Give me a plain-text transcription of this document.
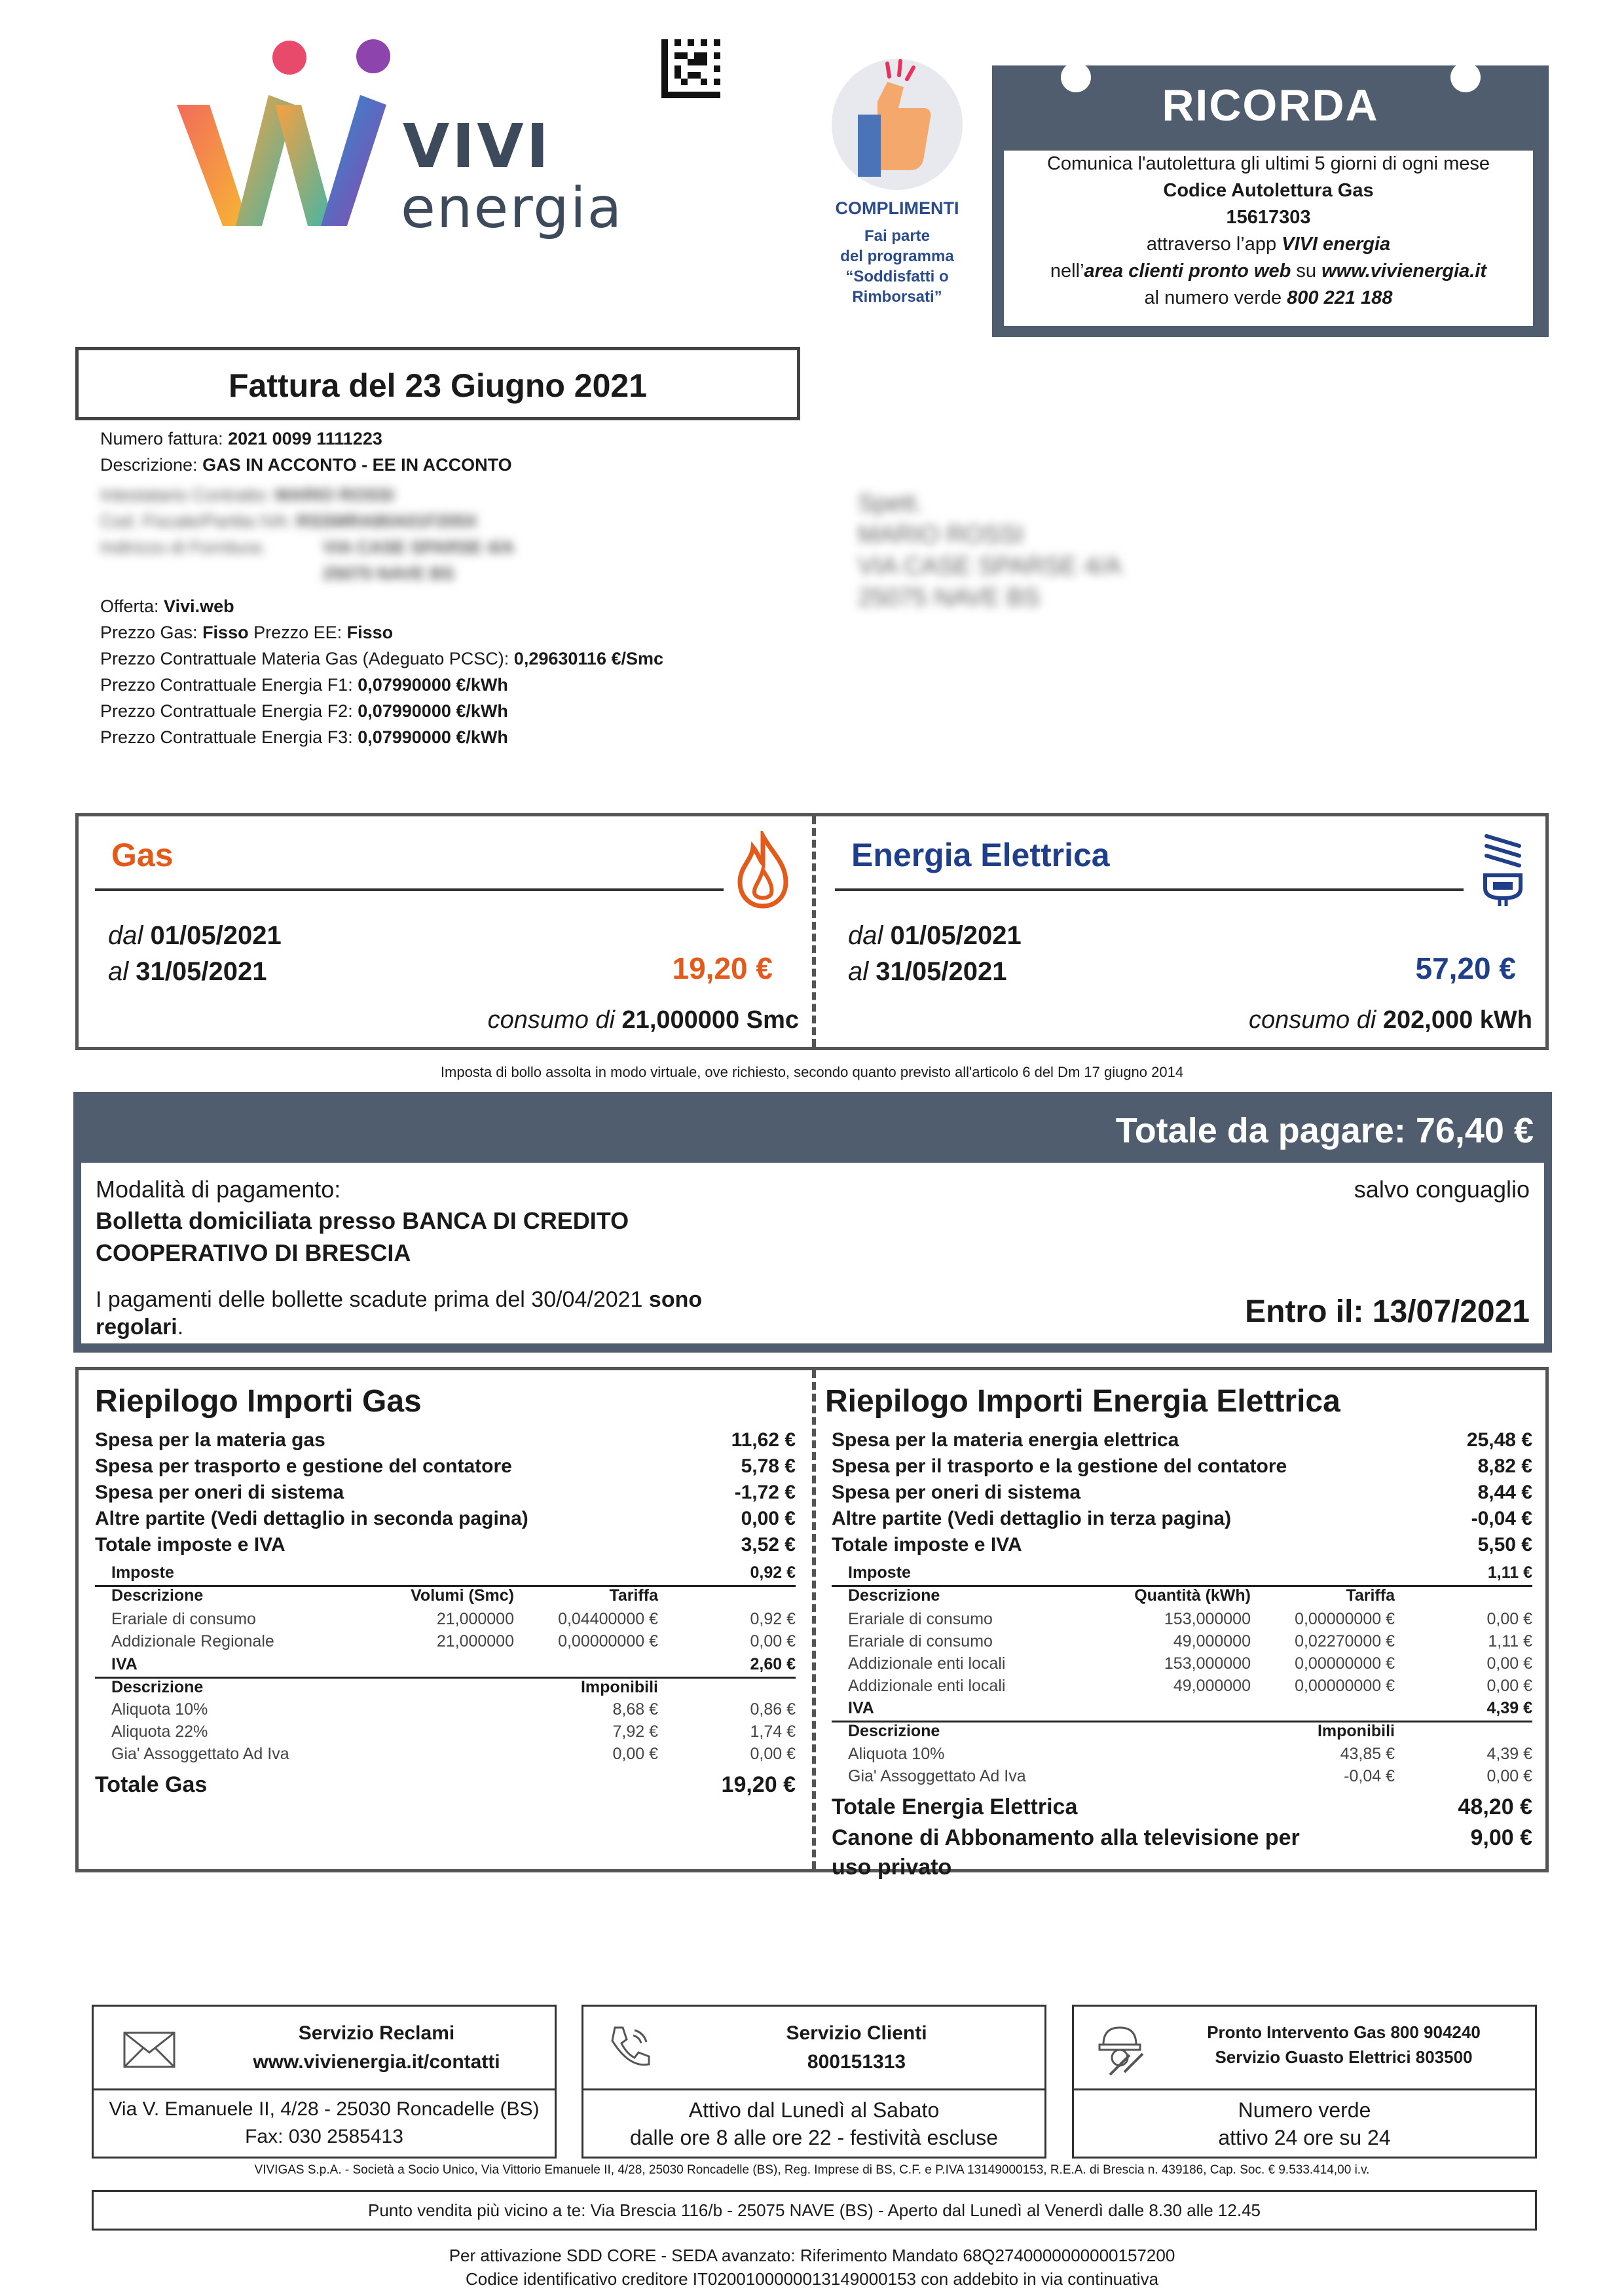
VIVI
energia	COMPLIMENTI
Fai parte
del programma
“Soddisfatti o
Rimborsati”
RICORDA
Comunica l'autolettura gli ultimi 5 giorni di ogni mese
Codice Autolettura Gas
15617303
attraverso l’app VIVI energia
nell’area clienti pronto web su www.vivienergia.it
al numero verde 800 221 188
Fattura del 23 Giugno 2021
Numero fattura: 2021 0099 1111223
Descrizione: GAS IN ACCONTO - EE IN ACCONTO
Intestatario Contratto: MARIO ROSSI
Cod. Fiscale/Partita IVA: RSSMRA80A01F205X
Indirizzo di Fornitura:	VIA CASE SPARSE 4/A
25075 NAVE BS
Offerta: Vivi.web
Prezzo Gas: Fisso Prezzo EE: Fisso
Prezzo Contrattuale Materia Gas (Adeguato PCSC): 0,29630116 €/Smc
Prezzo Contrattuale Energia F1: 0,07990000 €/kWh
Prezzo Contrattuale Energia F2: 0,07990000 €/kWh
Prezzo Contrattuale Energia F3: 0,07990000 €/kWh
Spett.
MARIO ROSSI
VIA CASE SPARSE 4/A
25075 NAVE BS
Gas
dal 01/05/2021
al 31/05/2021	19,20 €
consumo di 21,000000 Smc
Energia Elettrica
dal 01/05/2021
al 31/05/2021	57,20 €
consumo di 202,000 kWh
Imposta di bollo assolta in modo virtuale, ove richiesto, secondo quanto previsto all'articolo 6 del Dm 17 giugno 2014
Totale da pagare: 76,40 €
Modalità di pagamento:	salvo conguaglio
Bolletta domiciliata presso BANCA DI CREDITO
COOPERATIVO DI BRESCIA
I pagamenti delle bollette scadute prima del 30/04/2021 sono
regolari.	Entro il: 13/07/2021
Riepilogo Importi Gas
Spesa per la materia gas	11,62 €
Spesa per trasporto e gestione del contatore	5,78 €
Spesa per oneri di sistema	-1,72 €
Altre partite (Vedi dettaglio in seconda pagina)	0,00 €
Totale imposte e IVA	3,52 €
Imposte	0,92 €
Descrizione	Volumi (Smc)	Tariffa
Erariale di consumo	21,000000	0,04400000 €	0,92 €
Addizionale Regionale	21,000000	0,00000000 €	0,00 €
IVA	2,60 €
Descrizione	Imponibili
Aliquota 10%	8,68 €	0,86 €
Aliquota 22%	7,92 €	1,74 €
Gia' Assoggettato Ad Iva	0,00 €	0,00 €
Totale Gas	19,20 €
Riepilogo Importi Energia Elettrica
Spesa per la materia energia elettrica	25,48 €
Spesa per il trasporto e la gestione del contatore	8,82 €
Spesa per oneri di sistema	8,44 €
Altre partite (Vedi dettaglio in terza pagina)	-0,04 €
Totale imposte e IVA	5,50 €
Imposte	1,11 €
Descrizione	Quantità (kWh)	Tariffa
Erariale di consumo	153,000000	0,00000000 €	0,00 €
Erariale di consumo	49,000000	0,02270000 €	1,11 €
Addizionale enti locali	153,000000	0,00000000 €	0,00 €
Addizionale enti locali	49,000000	0,00000000 €	0,00 €
IVA	4,39 €
Descrizione	Imponibili
Aliquota 10%	43,85 €	4,39 €
Gia' Assoggettato Ad Iva	-0,04 €	0,00 €
Totale Energia Elettrica	48,20 €
Canone di Abbonamento alla televisione per
uso privato
9,00 €
Servizio Reclami
www.vivienergia.it/contatti
Via V. Emanuele II, 4/28 - 25030 Roncadelle (BS)
Fax: 030 2585413
Servizio Clienti
800151313
Attivo dal Lunedì al Sabato
dalle ore 8 alle ore 22 - festività escluse
Pronto Intervento Gas 800 904240
Servizio Guasto Elettrici 803500
Numero verde
attivo 24 ore su 24
VIVIGAS S.p.A. - Società a Socio Unico, Via Vittorio Emanuele II, 4/28, 25030 Roncadelle (BS), Reg. Imprese di BS, C.F. e P.IVA 13149000153, R.E.A. di Brescia n. 439186, Cap. Soc. € 9.533.414,00 i.v.
Punto vendita più vicino a te: Via Brescia 116/b - 25075 NAVE (BS) - Aperto dal Lunedì al Venerdì dalle 8.30 alle 12.45
Per attivazione SDD CORE - SEDA avanzato: Riferimento Mandato 68Q2740000000000157200
Codice identificativo creditore IT0200100000013149000153 con addebito in via continuativa
